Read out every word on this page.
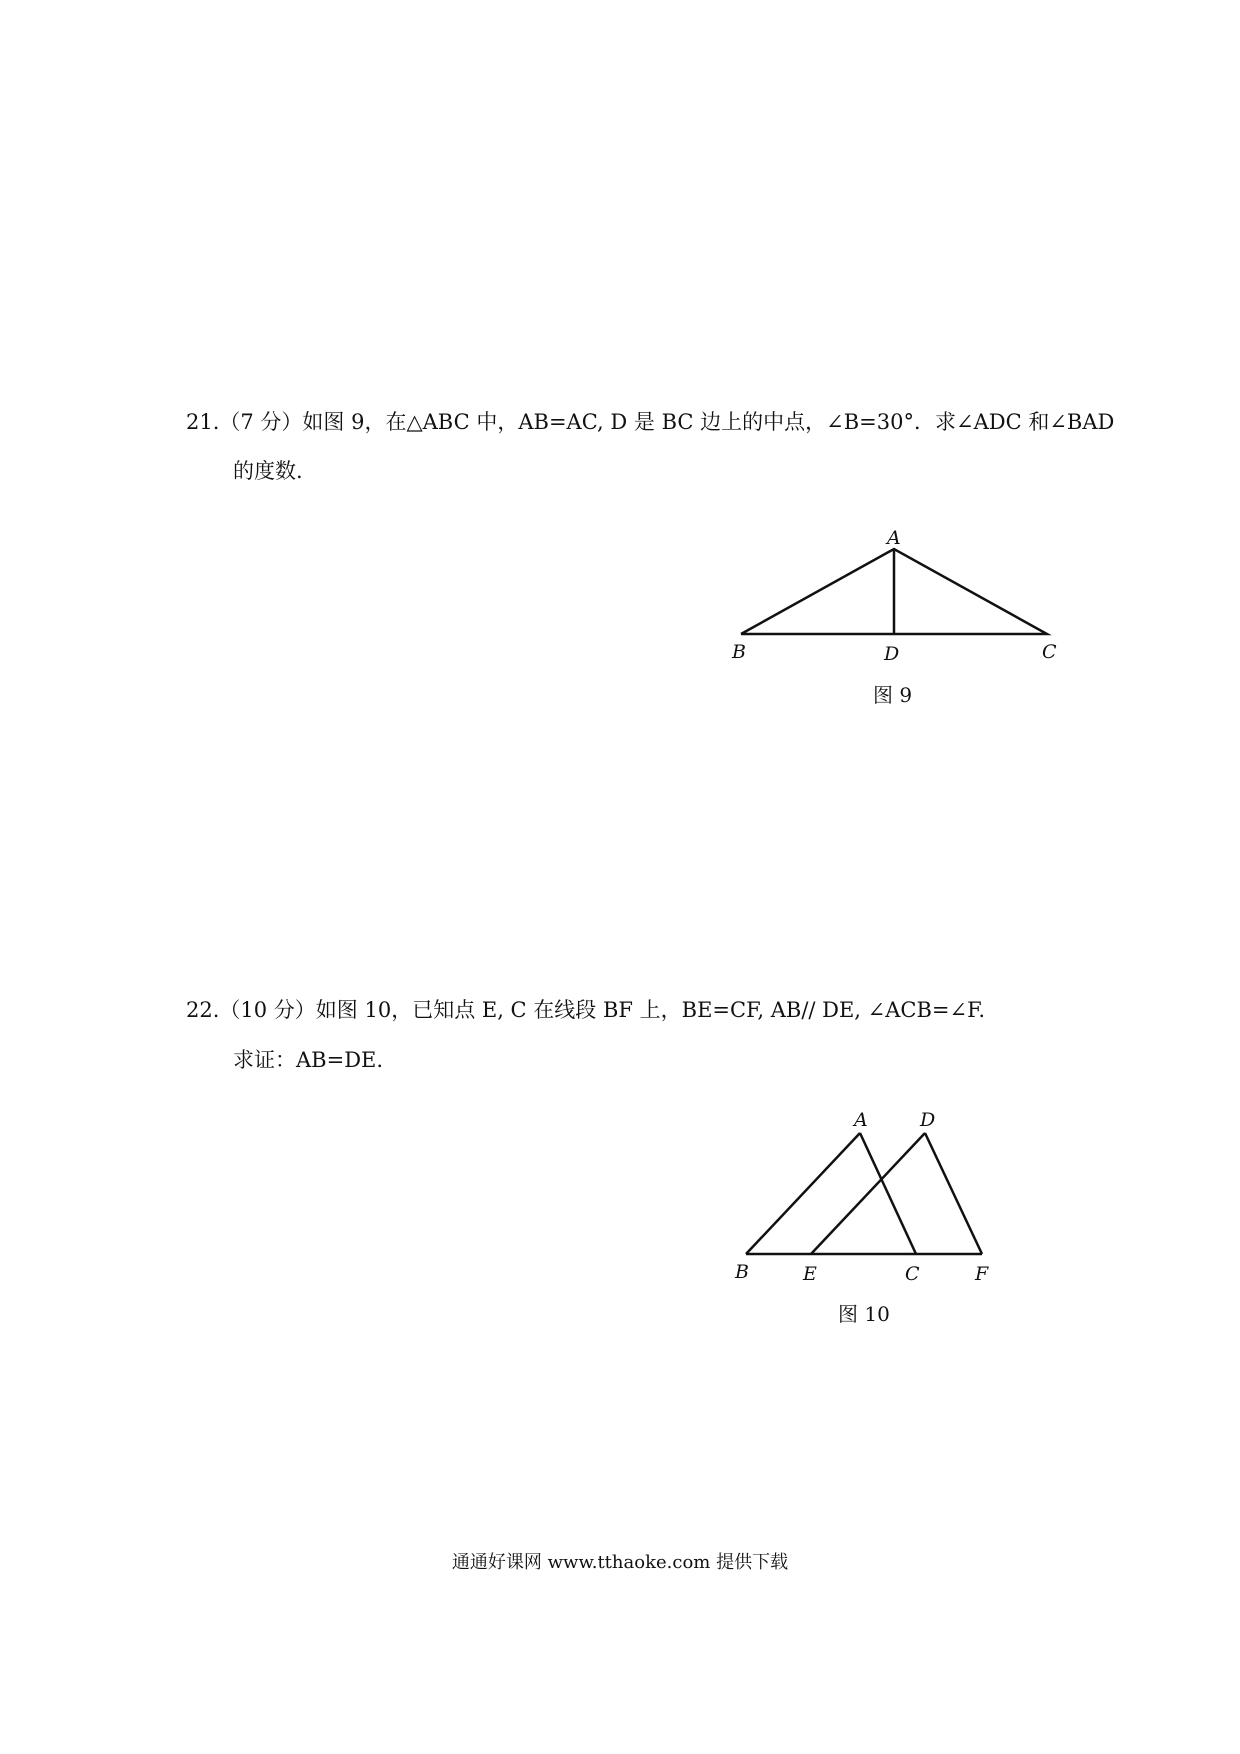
21.（7 分）如图 9，在△ABC 中，AB=AC, D 是 BC 边上的中点，∠B=30°．求∠ADC 和∠BAD
的度数.
A
B	D	C
图 9
22.（10 分）如图 10，已知点 E, C 在线段 BF 上，BE=CF, AB// DE, ∠ACB=∠F.
求证：AB=DE.
A	D
B	E	C	F
图 10
通通好课网 www.tthaoke.com 提供下载
